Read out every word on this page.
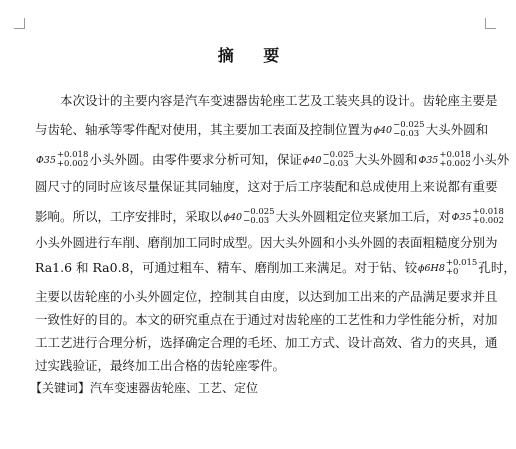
摘 要
本次设计的主要内容是汽车变速器齿轮座工艺及工装夹具的设计。齿轮座主要是
与齿轮、轴承等零件配对使用，其主要加工表面及控制位置为 ϕ40 −0.025
−0.03 大头外圆和
Φ35 +0.018
+0.002 小头外圆。由零件要求分析可知，保证 ϕ40 −0.025
−0.03 大头外圆和 Φ35 +0.018
+0.002 小头外
圆尺寸的同时应该尽量保证其同轴度，这对于后工序装配和总成使用上来说都有重要
影响。所以，工序安排时，采取以 ϕ40 −0.025
−0.03 大头外圆粗定位夹紧加工后，对 Φ35 +0.018
+0.002
小头外圆进行车削、磨削加工同时成型。因大头外圆和小头外圆的表面粗糙度分别为
Ra1.6 和 Ra0.8，可通过粗车、精车、磨削加工来满足。对于钻、铰 ϕ6H8 +0.015
+0	孔时，
主要以齿轮座的小头外圆定位，控制其自由度，以达到加工出来的产品满足要求并且
一致性好的目的。本文的研究重点在于通过对齿轮座的工艺性和力学性能分析，对加
工工艺进行合理分析，选择确定合理的毛坯、加工方式、设计高效、省力的夹具，通
过实践验证，最终加工出合格的齿轮座零件。
【关键词】汽车变速器齿轮座、工艺、定位
